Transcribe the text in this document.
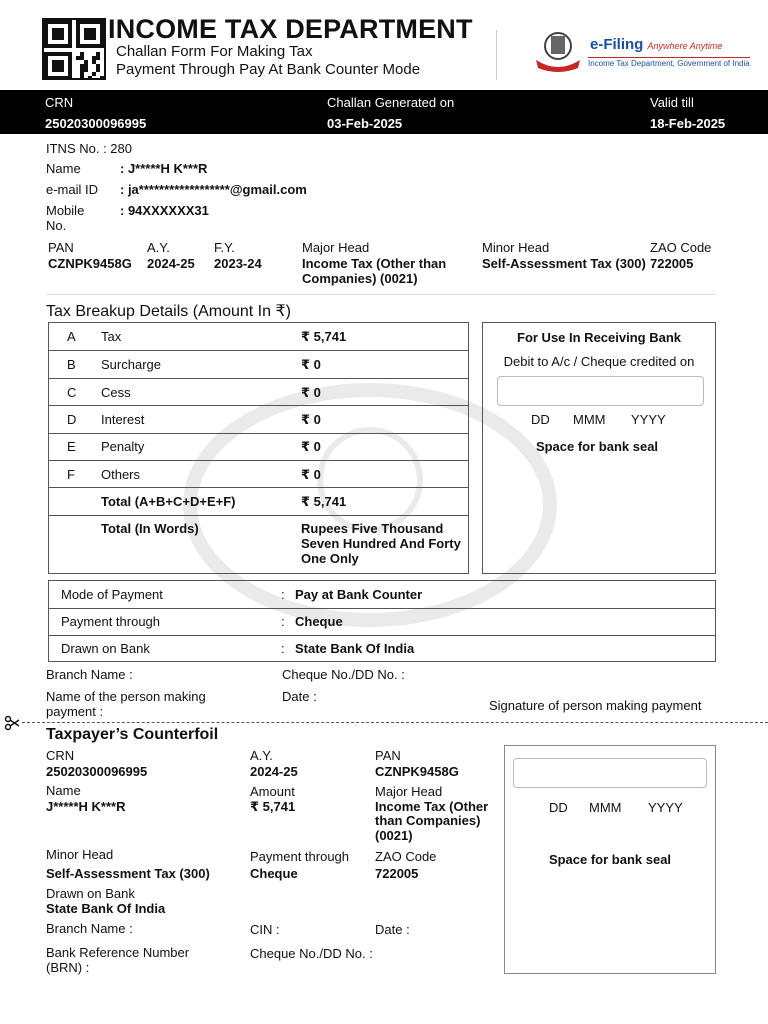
INCOME TAX DEPARTMENT
Challan Form For Making Tax
Payment Through Pay At Bank Counter Mode
e-Filing Anywhere Anytime
Income Tax Department, Government of India
CRN
25020300096995
Challan Generated on
03-Feb-2025
Valid till
18-Feb-2025
ITNS No. : 280
Name	: J*****H K***R
e-mail ID : ja******************@gmail.com
Mobile
No.
: 94XXXXXX31
PAN
CZNPK9458G
A.Y.
2024-25
F.Y.
2023-24
Major Head
Income Tax (Other than
Companies) (0021)
Minor Head
Self-Assessment Tax (300)
ZAO Code
722005
Tax Breakup Details (Amount In ₹)
A Tax	₹ 5,741
B Surcharge	₹ 0
C Cess	₹ 0
D Interest	₹ 0
E Penalty	₹ 0
F Others	₹ 0
Total (A+B+C+D+E+F)	₹ 5,741
Total (In Words)	Rupees Five Thousand
Seven Hundred And Forty
One Only
For Use In Receiving Bank
Debit to A/c / Cheque credited on
DD MMM YYYY
Space for bank seal
Mode of Payment	: Pay at Bank Counter
Payment through	: Cheque
Drawn on Bank	: State Bank Of India
Branch Name :	Cheque No./DD No. :
Name of the person making
payment :
Date :
Signature of person making payment
Taxpayer’s Counterfoil
CRN
25020300096995
A.Y.
2024-25
PAN
CZNPK9458G
Name
J*****H K***R
Amount
₹ 5,741
Major Head
Income Tax (Other
than Companies)
(0021)
Minor Head
Self-Assessment Tax (300)
Payment through
Cheque
ZAO Code
722005
Drawn on Bank
State Bank Of India
Branch Name :	CIN :	Date :
Bank Reference Number
(BRN) :
Cheque No./DD No. :
DD MMM YYYY
Space for bank seal
